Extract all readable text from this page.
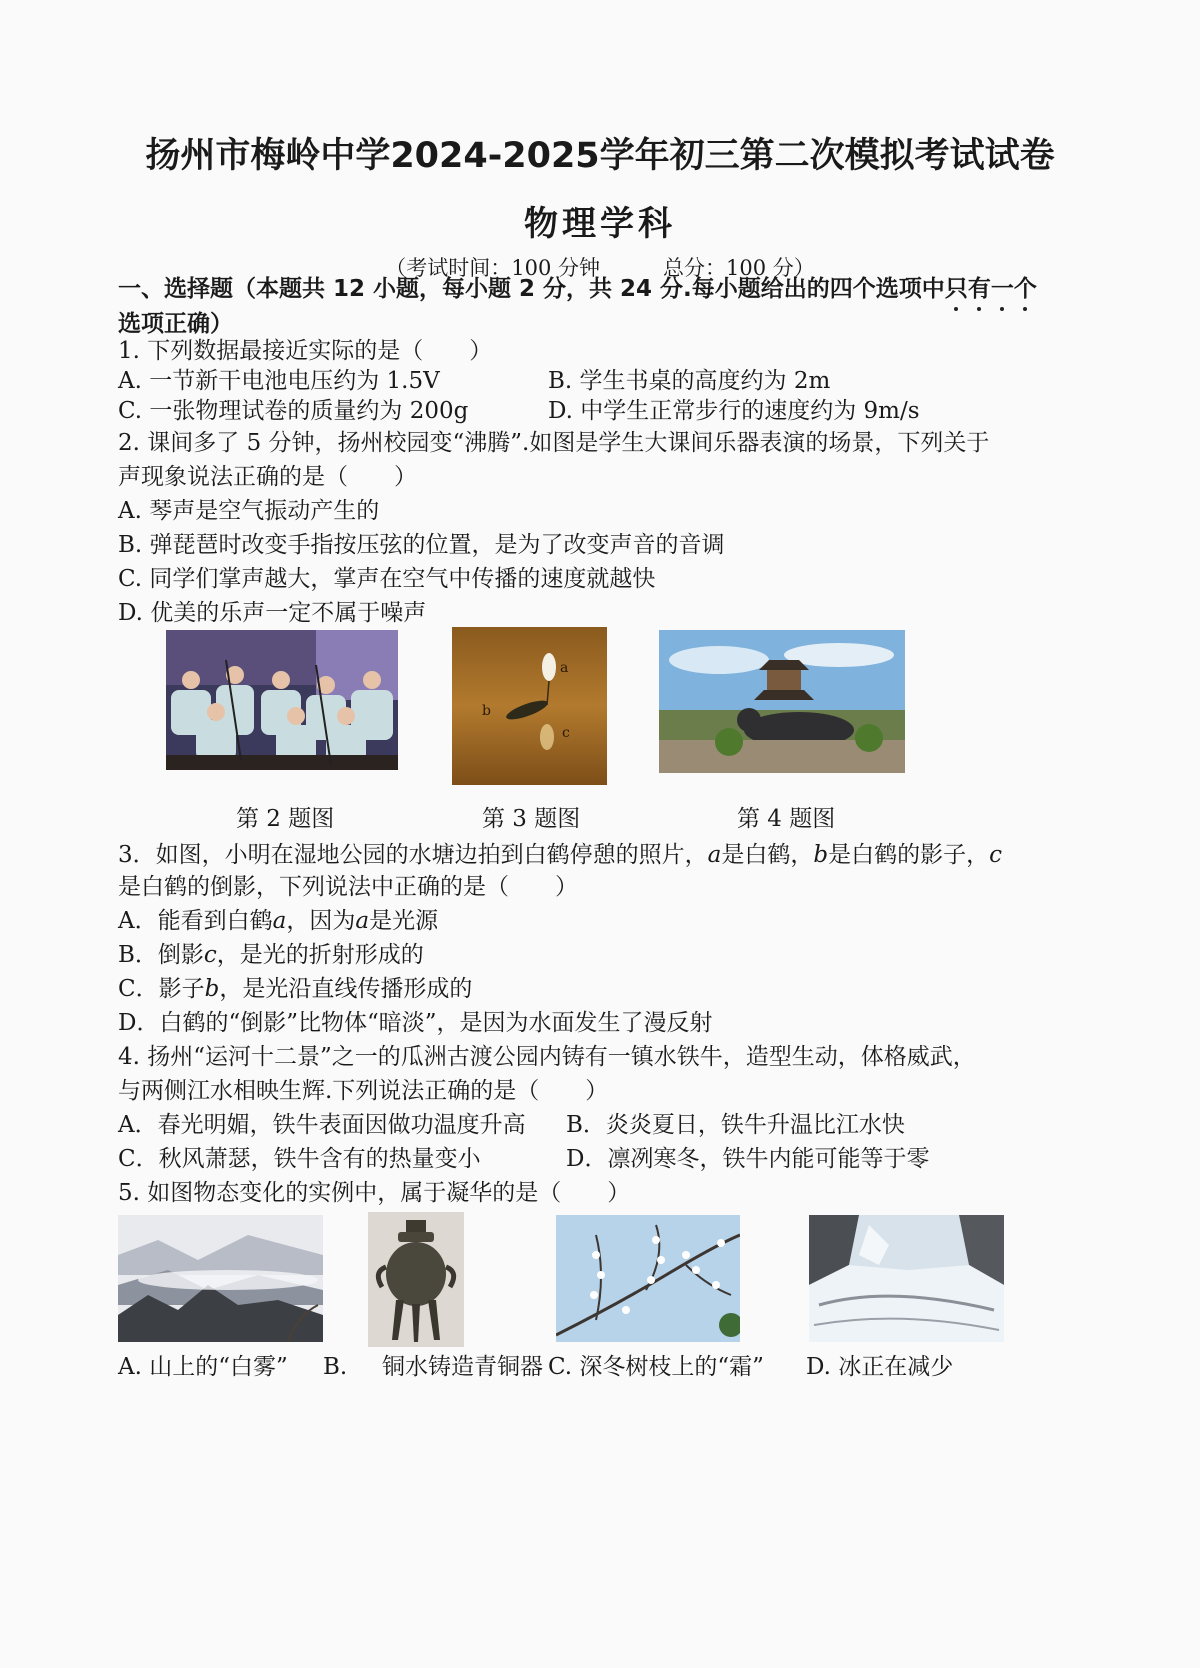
扬州市梅岭中学2024-2025学年初三第二次模拟考试试卷
物理学科
（考试时间：100 分钟　　　总分：100 分）
一、选择题（本题共 12 小题，每小题 2 分，共 24 分.每小题给出的四个选项中只有一个
选项正确）
1. 下列数据最接近实际的是（　　）
A. 一节新干电池电压约为 1.5V	B. 学生书桌的高度约为 2m
C. 一张物理试卷的质量约为 200g	D. 中学生正常步行的速度约为 9m/s
2. 课间多了 5 分钟，扬州校园变“沸腾”.如图是学生大课间乐器表演的场景，下列关于
声现象说法正确的是（　　）
A. 琴声是空气振动产生的
B. 弹琵琶时改变手指按压弦的位置，是为了改变声音的音调
C. 同学们掌声越大，掌声在空气中传播的速度就越快
D. 优美的乐声一定不属于噪声
a
b
c
第 2 题图	第 3 题图	第 4 题图
3．如图，小明在湿地公园的水塘边拍到白鹤停憩的照片，a是白鹤，b是白鹤的影子，c
是白鹤的倒影，下列说法中正确的是（　　）
A．能看到白鹤a，因为a是光源
B．倒影c，是光的折射形成的
C．影子b，是光沿直线传播形成的
D．白鹤的“倒影”比物体“暗淡”，是因为水面发生了漫反射
4. 扬州“运河十二景”之一的瓜洲古渡公园内铸有一镇水铁牛，造型生动，体格威武，
与两侧江水相映生辉.下列说法正确的是（　　）
A．春光明媚，铁牛表面因做功温度升高 B．炎炎夏日，铁牛升温比江水快
C．秋风萧瑟，铁牛含有的热量变小	D．凛冽寒冬，铁牛内能可能等于零
5. 如图物态变化的实例中，属于凝华的是（　　）
A. 山上的“白雾” B. 铜水铸造青铜器 C. 深冬树枝上的“霜” D. 冰正在减少
